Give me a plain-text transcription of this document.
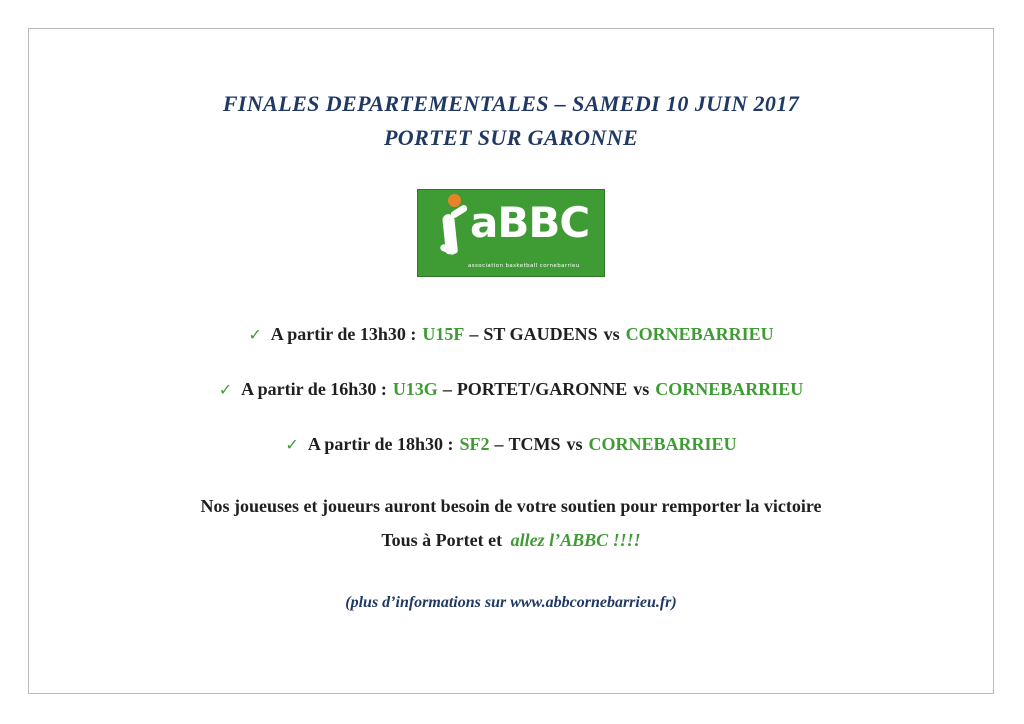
FINALES DEPARTEMENTALES – SAMEDI 10 JUIN 2017
PORTET SUR GARONNE
aBBC
association basketball cornebarrieu
✓ A partir de 13h30 : U15F – ST GAUDENS vs CORNEBARRIEU
✓ A partir de 16h30 : U13G – PORTET/GARONNE vs CORNEBARRIEU
✓ A partir de 18h30 : SF2 – TCMS vs CORNEBARRIEU
Nos joueuses et joueurs auront besoin de votre soutien pour remporter la victoire
Tous à Portet et allez l’ABBC !!!!
(plus d’informations sur www.abbcornebarrieu.fr)
